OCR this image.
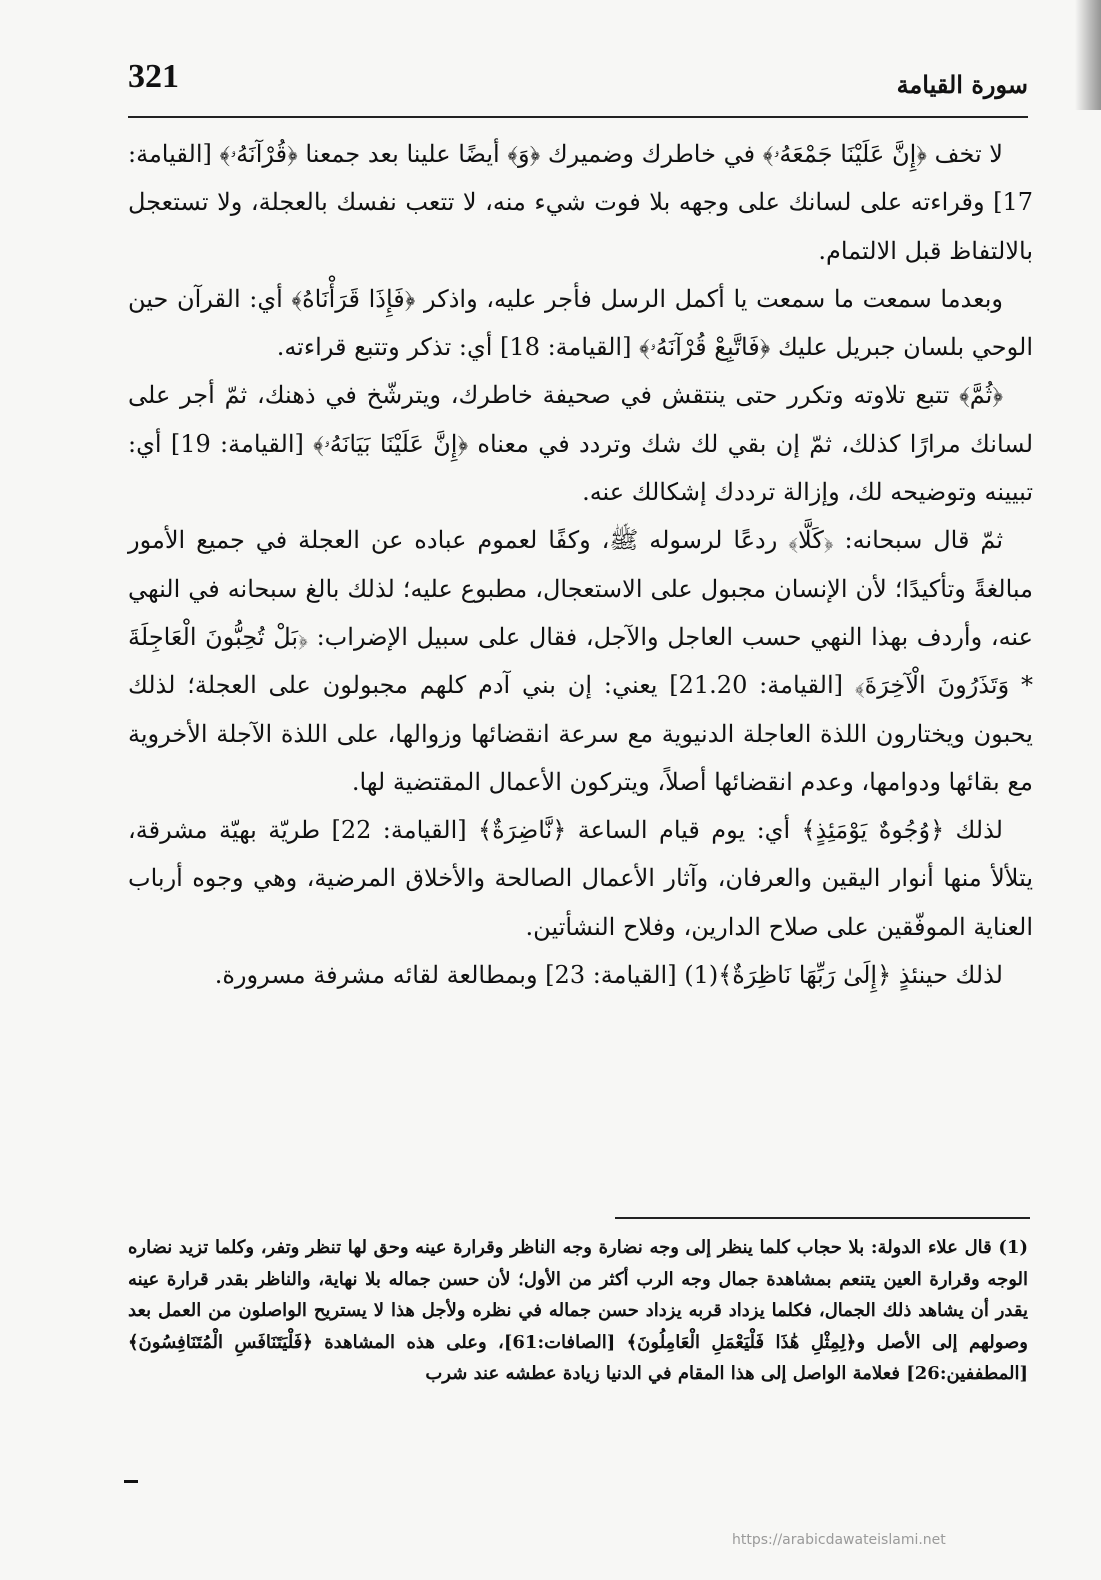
321	سورة القيامة

لا تخف ﴿إِنَّ عَلَيْنَا جَمْعَهُۥ﴾ في خاطرك وضميرك ﴿وَ﴾ أيضًا علينا بعد جمعنا ﴿قُرْآنَهُۥ﴾ [القيامة: 17] وقراءته على لسانك على وجهه بلا فوت شيء منه، لا تتعب نفسك بالعجلة، ولا تستعجل بالالتفاظ قبل الالتمام.

وبعدما سمعت ما سمعت يا أكمل الرسل فأجر عليه، واذكر ﴿فَإِذَا قَرَأْنَاهُ﴾ أي: القرآن حين الوحي بلسان جبريل عليك ﴿فَاتَّبِعْ قُرْآنَهُۥ﴾ [القيامة: 18] أي: تذكر وتتبع قراءته.

﴿ثُمَّ﴾ تتبع تلاوته وتكرر حتى ينتقش في صحيفة خاطرك، ويترشّخ في ذهنك، ثمّ أجر على لسانك مرارًا كذلك، ثمّ إن بقي لك شك وتردد في معناه ﴿إِنَّ عَلَيْنَا بَيَانَهُۥ﴾ [القيامة: 19] أي: تبيينه وتوضيحه لك، وإزالة ترددك إشكالك عنه.

ثمّ قال سبحانه: ﴿كَلَّا﴾ ردعًا لرسوله ﷺ، وكفًا لعموم عباده عن العجلة في جميع الأمور مبالغةً وتأكيدًا؛ لأن الإنسان مجبول على الاستعجال، مطبوع عليه؛ لذلك بالغ سبحانه في النهي عنه، وأردف بهذا النهي حسب العاجل والآجل، فقال على سبيل الإضراب: ﴿بَلْ تُحِبُّونَ الْعَاجِلَةَ * وَتَذَرُونَ الْآخِرَةَ﴾ [القيامة: 21.20] يعني: إن بني آدم كلهم مجبولون على العجلة؛ لذلك يحبون ويختارون اللذة العاجلة الدنيوية مع سرعة انقضائها وزوالها، على اللذة الآجلة الأخروية مع بقائها ودوامها، وعدم انقضائها أصلاً، ويتركون الأعمال المقتضية لها.

لذلك ﴿وُجُوهٌ يَوْمَئِذٍ﴾ أي: يوم قيام الساعة ﴿نَّاضِرَةٌ﴾ [القيامة: 22] طريّة بهيّة مشرقة، يتلألأ منها أنوار اليقين والعرفان، وآثار الأعمال الصالحة والأخلاق المرضية، وهي وجوه أرباب العناية الموفّقين على صلاح الدارين، وفلاح النشأتين.

لذلك حينئذٍ ﴿إِلَىٰ رَبِّهَا نَاظِرَةٌ﴾(1) [القيامة: 23] وبمطالعة لقائه مشرفة مسرورة.

(1) قال علاء الدولة: بلا حجاب كلما ينظر إلى وجه نضارة وجه الناظر وقرارة عينه وحق لها تنظر وتفر، وكلما تزيد نضاره الوجه وقرارة العين يتنعم بمشاهدة جمال وجه الرب أكثر من الأول؛ لأن حسن جماله بلا نهاية، والناظر بقدر قرارة عينه يقدر أن يشاهد ذلك الجمال، فكلما يزداد قربه يزداد حسن جماله في نظره ولأجل هذا لا يستريح الواصلون من العمل بعد وصولهم إلى الأصل و﴿لِمِثْلِ هَٰذَا فَلْيَعْمَلِ الْعَامِلُونَ﴾ [الصافات:61]، وعلى هذه المشاهدة ﴿فَلْيَتَنَافَسِ الْمُتَنَافِسُونَ﴾ [المطففين:26] فعلامة الواصل إلى هذا المقام في الدنيا زيادة عطشه عند شرب

https://arabicdawateislami.net
